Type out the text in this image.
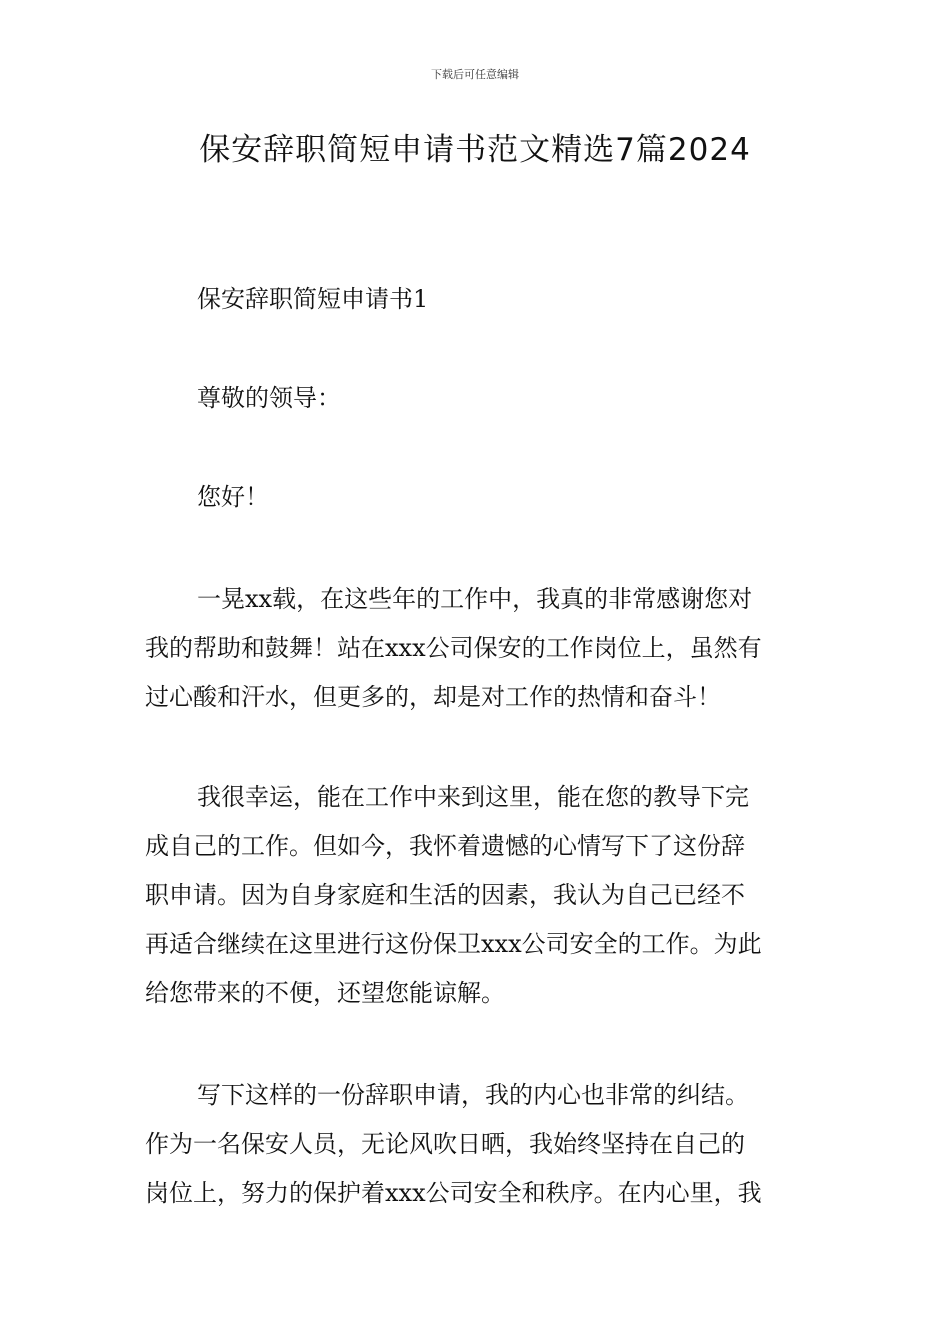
下载后可任意编辑
保安辞职简短申请书范文精选7篇2024
保安辞职简短申请书1
尊敬的领导：
您好！
一晃xx载，在这些年的工作中，我真的非常感谢您对
我的帮助和鼓舞！站在xxx公司保安的工作岗位上，虽然有
过心酸和汗水，但更多的，却是对工作的热情和奋斗！
我很幸运，能在工作中来到这里，能在您的教导下完
成自己的工作。但如今，我怀着遗憾的心情写下了这份辞
职申请。因为自身家庭和生活的因素，我认为自己已经不
再适合继续在这里进行这份保卫xxx公司安全的工作。为此
给您带来的不便，还望您能谅解。
写下这样的一份辞职申请，我的内心也非常的纠结。
作为一名保安人员，无论风吹日晒，我始终坚持在自己的
岗位上，努力的保护着xxx公司安全和秩序。在内心里，我
